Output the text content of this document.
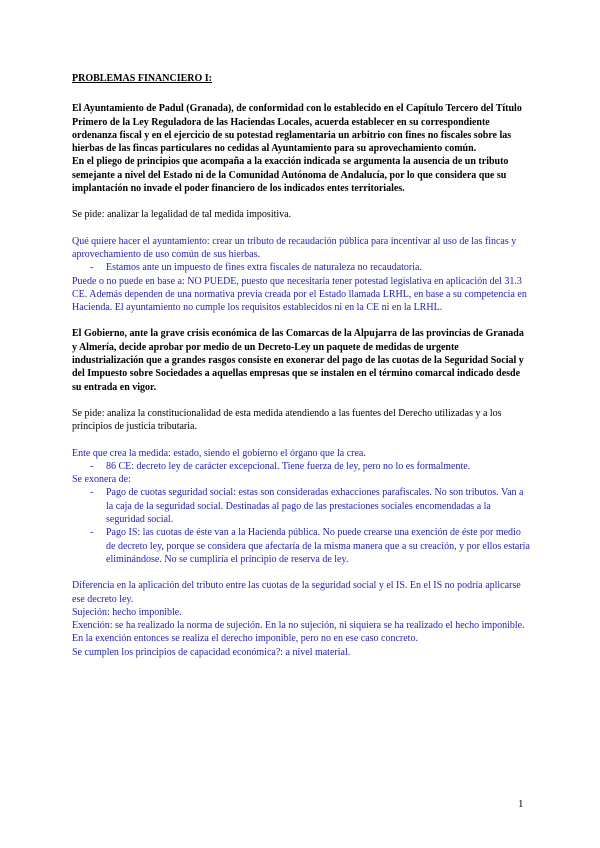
PROBLEMAS FINANCIERO I:

El Ayuntamiento de Padul (Granada), de conformidad con lo establecido en el Capítulo Tercero del Título Primero de la Ley Reguladora de las Haciendas Locales, acuerda establecer en su correspondiente ordenanza fiscal y en el ejercicio de su potestad reglamentaria un arbitrio con fines no fiscales sobre las hierbas de las fincas particulares no cedidas al Ayuntamiento para su aprovechamiento común.

En el pliego de principios que acompaña a la exacción indicada se argumenta la ausencia de un tributo semejante a nivel del Estado ni de la Comunidad Autónoma de Andalucía, por lo que considera que su implantación no invade el poder financiero de los indicados entes territoriales.

Se pide: analizar la legalidad de tal medida impositiva.

Qué quiere hacer el ayuntamiento: crear un tributo de recaudación pública para incentivar al uso de las fincas y aprovechamiento de uso común de sus hierbas.

- Estamos ante un impuesto de fines extra fiscales de naturaleza no recaudatoria.

Puede o no puede en base a: NO PUEDE, puesto que necesitaria tener potestad legislativa en aplicación del 31.3 CE. Además dependen de una normativa previa creada por el Estado llamada LRHL, en base a su competencia en Hacienda. El ayuntamiento no cumple los requisitos establecidos ni en la CE ni en la LRHL.

El Gobierno, ante la grave crisis económica de las Comarcas de la Alpujarra de las provincias de Granada y Almería, decide aprobar por medio de un Decreto-Ley un paquete de medidas de urgente industrialización que a grandes rasgos consiste en exonerar del pago de las cuotas de la Seguridad Social y del Impuesto sobre Sociedades a aquellas empresas que se instalen en el término comarcal indicado desde su entrada en vigor.

Se pide: analiza la constitucionalidad de esta medida atendiendo a las fuentes del Derecho utilizadas y a los principios de justicia tributaria.

Ente que crea la medida: estado, siendo el gobierno el órgano que la crea.

- 86 CE: decreto ley de carácter excepcional. Tiene fuerza de ley, pero no lo es formalmente.

Se exonera de:

- Pago de cuotas seguridad social: estas son consideradas exhacciones parafiscales. No son tributos. Van a la caja de la seguridad social. Destinadas al pago de las prestaciones sociales encomendadas a la seguridad social.
- Pago IS: las cuotas de éste van a la Hacienda pública. No puede crearse una exención de éste por medio de decreto ley, porque se considera que afectaría de la misma manera que a su creación, y por ellos estaría eliminándose. No se cumpliría el principio de reserva de ley.

Diferencia en la aplicación del tributo entre las cuotas de la seguridad social y el IS. En el IS no podría aplicarse ese decreto ley.

Sujeción: hecho imponible.

Exención: se ha realizado la norma de sujeción. En la no sujeción, ni siquiera se ha realizado el hecho imponible. En la exención entonces se realiza el derecho imponible, pero no en ese caso concreto.

Se cumplen los principios de capacidad económica?: a nivel material.

1
